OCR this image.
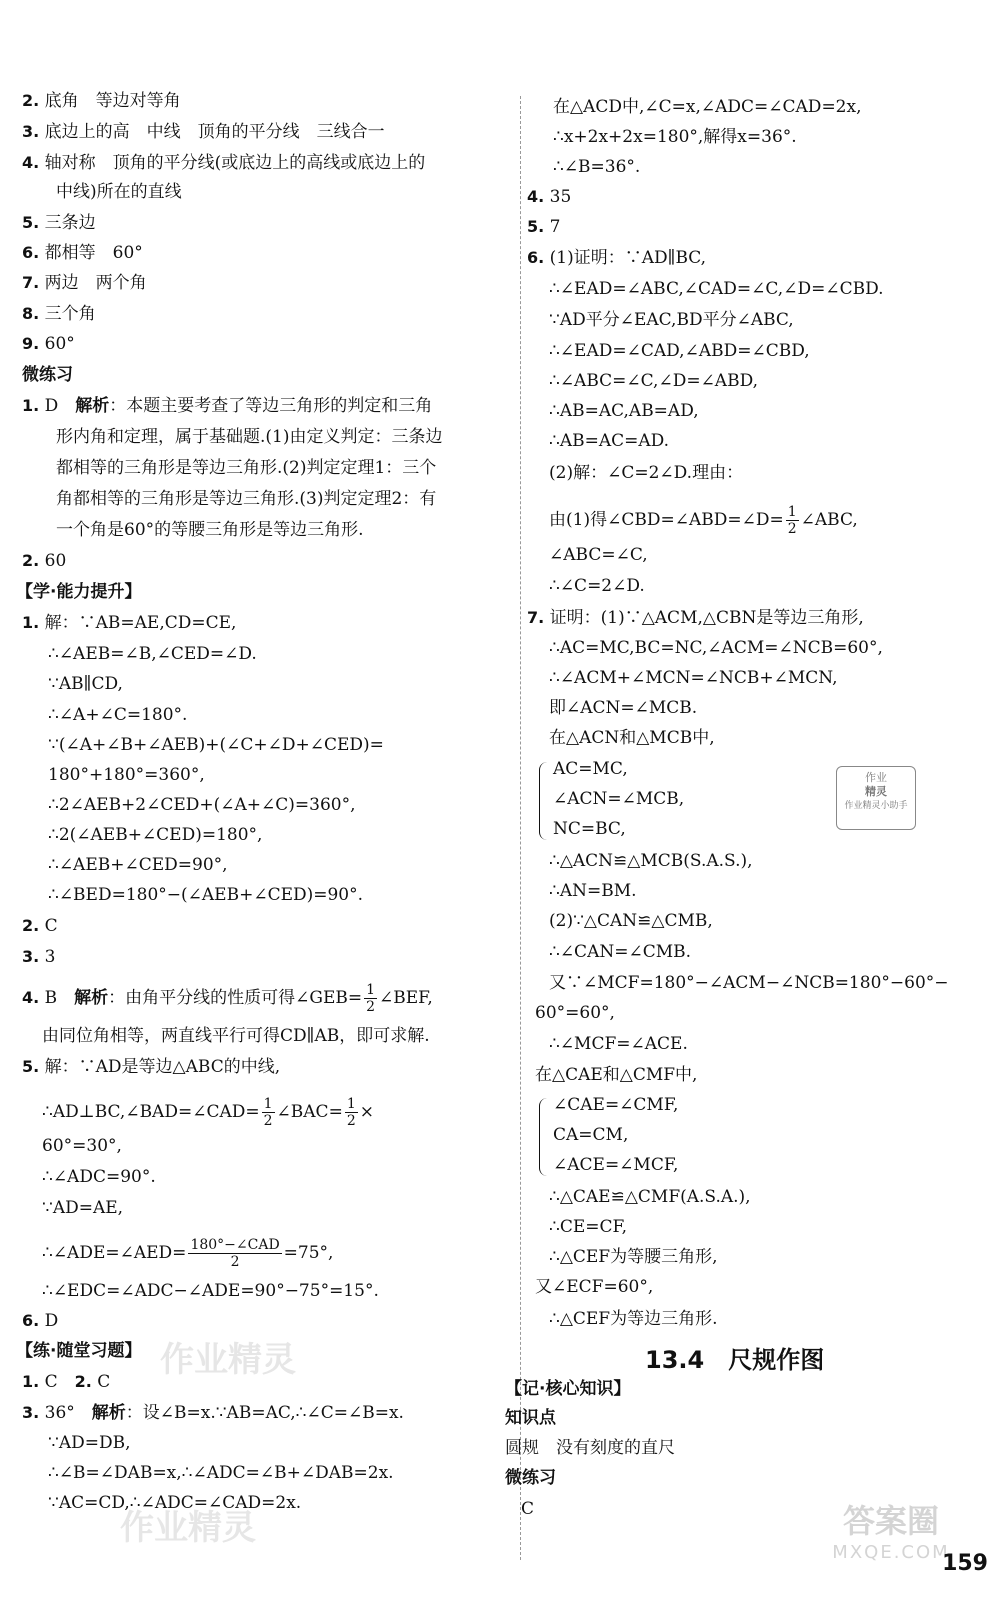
2. 底角　等边对等角
3. 底边上的高　中线　顶角的平分线　三线合一
4. 轴对称　顶角的平分线(或底边上的高线或底边上的
中线)所在的直线
5. 三条边
6. 都相等　60°
7. 两边　两个角
8. 三个角
9. 60°
微练习
1. D　解析：本题主要考查了等边三角形的判定和三角
形内角和定理，属于基础题.(1)由定义判定：三条边
都相等的三角形是等边三角形.(2)判定定理1：三个
角都相等的三角形是等边三角形.(3)判定定理2：有
一个角是60°的等腰三角形是等边三角形.
2. 60
【学·能力提升】
1. 解：∵AB=AE,CD=CE,
∴∠AEB=∠B,∠CED=∠D.
∵AB∥CD,
∴∠A+∠C=180°.
∵(∠A+∠B+∠AEB)+(∠C+∠D+∠CED)=
180°+180°=360°,
∴2∠AEB+2∠CED+(∠A+∠C)=360°,
∴2(∠AEB+∠CED)=180°,
∴∠AEB+∠CED=90°,
∴∠BED=180°−(∠AEB+∠CED)=90°.
2. C
3. 3
4. B　解析：由角平分线的性质可得∠GEB= $\frac{1}{2}$ ∠BEF,
由同位角相等，两直线平行可得CD∥AB，即可求解.
5. 解：∵AD是等边△ABC的中线,
∴AD⊥BC,∠BAD=∠CAD= $\frac{1}{2}$ ∠BAC= $\frac{1}{2}$ ×
60°=30°,
∴∠ADC=90°.
∵AD=AE,
∴∠ADE=∠AED= $\frac{\text{180°−∠CAD}}{2} =75^\circ$,
∴∠EDC=∠ADC−∠ADE=90°−75°=15°.
6. D
【练·随堂习题】
1. C　 2. C
3. 36°　解析：设∠B=x.∵AB=AC,∴∠C=∠B=x.
∵AD=DB,
∴∠B=∠DAB=x,∴∠ADC=∠B+∠DAB=2x.
∵AC=CD,∴∠ADC=∠CAD=2x.
在△ACD中,∠C=x,∠ADC=∠CAD=2x,
∴x+2x+2x=180°,解得x=36°.
∴∠B=36°.
4. 35
5. 7
6. (1)证明：∵AD∥BC,
∴∠EAD=∠ABC,∠CAD=∠C,∠D=∠CBD.
∵AD平分∠EAC,BD平分∠ABC,
∴∠EAD=∠CAD,∠ABD=∠CBD,
∴∠ABC=∠C,∠D=∠ABD,
∴AB=AC,AB=AD,
∴AB=AC=AD.
(2)解：∠C=2∠D.理由：
由(1)得∠CBD=∠ABD=∠D= $\frac{1}{2}$ ∠ABC,
∠ABC=∠C,
∴∠C=2∠D.
7. 证明：(1)∵△ACM,△CBN是等边三角形,
∴AC=MC,BC=NC,∠ACM=∠NCB=60°,
∴∠ACM+∠MCN=∠NCB+∠MCN,
即∠ACN=∠MCB.
在△ACN和△MCB中,
AC=MC,
∠ACN=∠MCB,
NC=BC,
∴△ACN≌△MCB(S.A.S.),
∴AN=BM.
(2)∵△CAN≌△CMB,
∴∠CAN=∠CMB.
又∵∠MCF=180°−∠ACM−∠NCB=180°−60°−
60°=60°,
∴∠MCF=∠ACE.
在△CAE和△CMF中,
∠CAE=∠CMF,
CA=CM,
∠ACE=∠MCF,
∴△CAE≌△CMF(A.S.A.),
∴CE=CF,
∴△CEF为等腰三角形,
又∠ECF=60°,
∴△CEF为等边三角形.
13.4　尺规作图
【记·核心知识】
知识点
圆规　没有刻度的直尺
微练习
C
作业
精灵
作业精灵小助手
作业精灵
作业精灵	答案圈
MXQE.COM
159
